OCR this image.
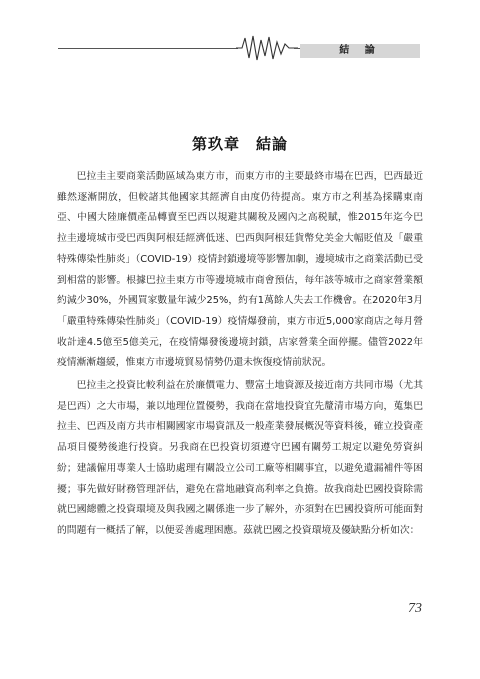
結 論
第玖章　結論

巴拉圭主要商業活動區域為東方市，而東方市的主要最終市場在巴西，巴西最近雖然逐漸開放，但較諸其他國家其經濟自由度仍待提高。東方市之利基為採購東南亞、中國大陸廉價產品轉賣至巴西以規避其關稅及國內之高税賦，惟2015年迄今巴拉圭邊境城市受巴西與阿根廷經濟低迷、巴西與阿根廷貨幣兌美金大幅貶值及「嚴重特殊傳染性肺炎」（COVID-19）疫情封鎖邊境等影響加劇，邊境城市之商業活動已受到相當的影響。根據巴拉圭東方市等邊境城市商會預估，每年該等城市之商家營業額約減少30%，外國買家數量年減少25%，約有1萬餘人失去工作機會。在2020年3月「嚴重特殊傳染性肺炎」（COVID-19）疫情爆發前，東方市近5,000家商店之每月營收計達4.5億至5億美元，在疫情爆發後邊境封鎖，店家營業全面停擺。儘管2022年疫情漸漸趨緩，惟東方市邊境貿易情勢仍還未恢復疫情前狀況。

巴拉圭之投資比較利益在於廉價電力、豐富土地資源及接近南方共同市場（尤其是巴西）之大市場，兼以地理位置優勢，我商在當地投資宜先釐清市場方向，蒐集巴拉圭、巴西及南方共市相關國家市場資訊及一般產業發展概況等資料後，確立投資產品項目優勢後進行投資。另我商在巴投資切須遵守巴國有關勞工規定以避免勞資糾紛；建議僱用專業人士協助處理有關設立公司工廠等相關事宜，以避免遺漏補件等困擾；事先做好財務管理評估，避免在當地融資高利率之負擔。故我商赴巴國投資除需就巴國總體之投資環境及與我國之關係進一步了解外，亦須對在巴國投資所可能面對的問題有一概括了解，以便妥善處理困應。茲就巴國之投資環境及優缺點分析如次：

73
